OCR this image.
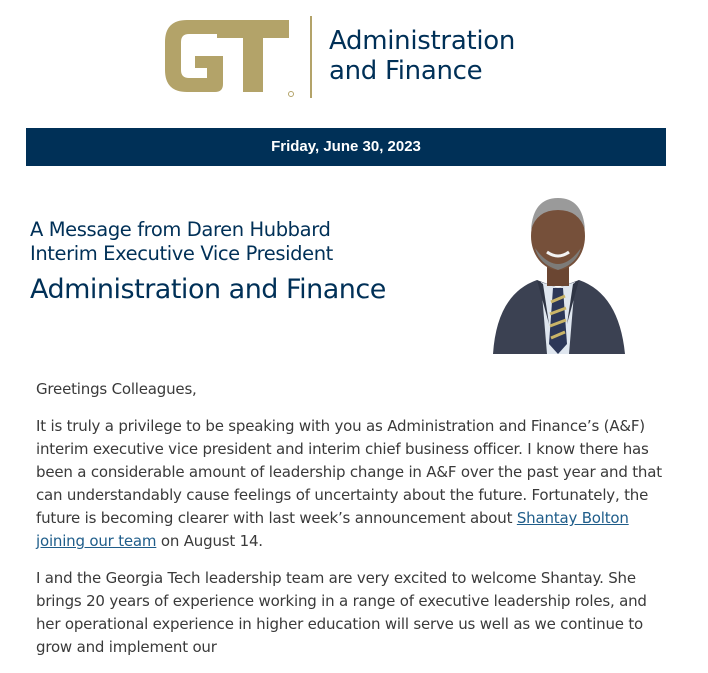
Administration
and Finance
Friday, June 30, 2023
A Message from Daren Hubbard
Interim Executive Vice President
Administration and Finance

Greetings Colleagues,

It is truly a privilege to be speaking with you as Administration and Finance’s (A&F) interim executive vice president and interim chief business officer. I know there has been a considerable amount of leadership change in A&F over the past year and that can understandably cause feelings of uncertainty about the future. Fortunately, the future is becoming clearer with last week’s announcement about Shantay Bolton joining our team on August 14.

I and the Georgia Tech leadership team are very excited to welcome Shantay. She brings 20 years of experience working in a range of executive leadership roles, and her operational experience in higher education will serve us well as we continue to grow and implement our
